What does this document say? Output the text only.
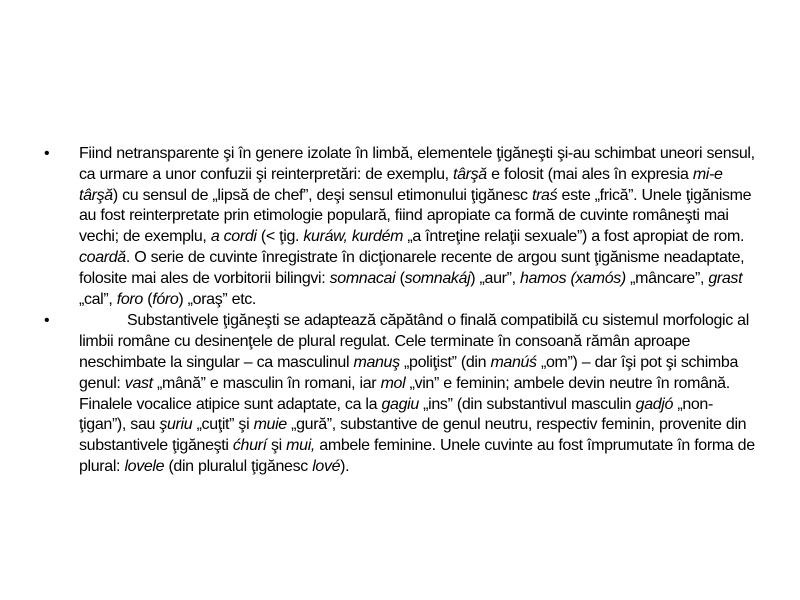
• Fiind netransparente şi în genere izolate în limbă, elementele ţigăneşti şi-au schimbat uneori sensul, ca urmare a unor confuzii şi reinterpretări: de exemplu, târşă e folosit (mai ales în expresia mi-e târşă) cu sensul de „lipsă de chef”, deşi sensul etimonului ţigănesc traś este „frică”. Unele ţigănisme au fost reinterpretate prin etimologie populară, fiind apropiate ca formă de cuvinte româneşti mai vechi; de exemplu, a cordi (< ţig. kuráw, kurdém „a întreţine relaţii sexuale”) a fost apropiat de rom. coardă. O serie de cuvinte înregistrate în dicţionarele recente de argou sunt ţigănisme neadaptate, folosite mai ales de vorbitorii bilingvi: somnacai (somnakáj) „aur”, hamos (xamós) „mâncare”, grast „cal”, foro (fóro) „oraş” etc.
•	Substantivele ţigăneşti se adaptează căpătând o finală compatibilă cu sistemul morfologic al limbii române cu desinenţele de plural regulat. Cele terminate în consoană rămân aproape neschimbate la singular – ca masculinul manuş „poliţist” (din manúś „om”) – dar îşi pot şi schimba genul: vast „mână” e masculin în romani, iar mol „vin” e feminin; ambele devin neutre în română. Finalele vocalice atipice sunt adaptate, ca la gagiu „ins” (din substantivul masculin gadjó „non-ţigan”), sau şuriu „cuţit” şi muie „gură”, substantive de genul neutru, respectiv feminin, provenite din substantivele ţigăneşti ćhurí şi mui, ambele feminine. Unele cuvinte au fost împrumutate în forma de plural: lovele (din pluralul ţigănesc lové).
